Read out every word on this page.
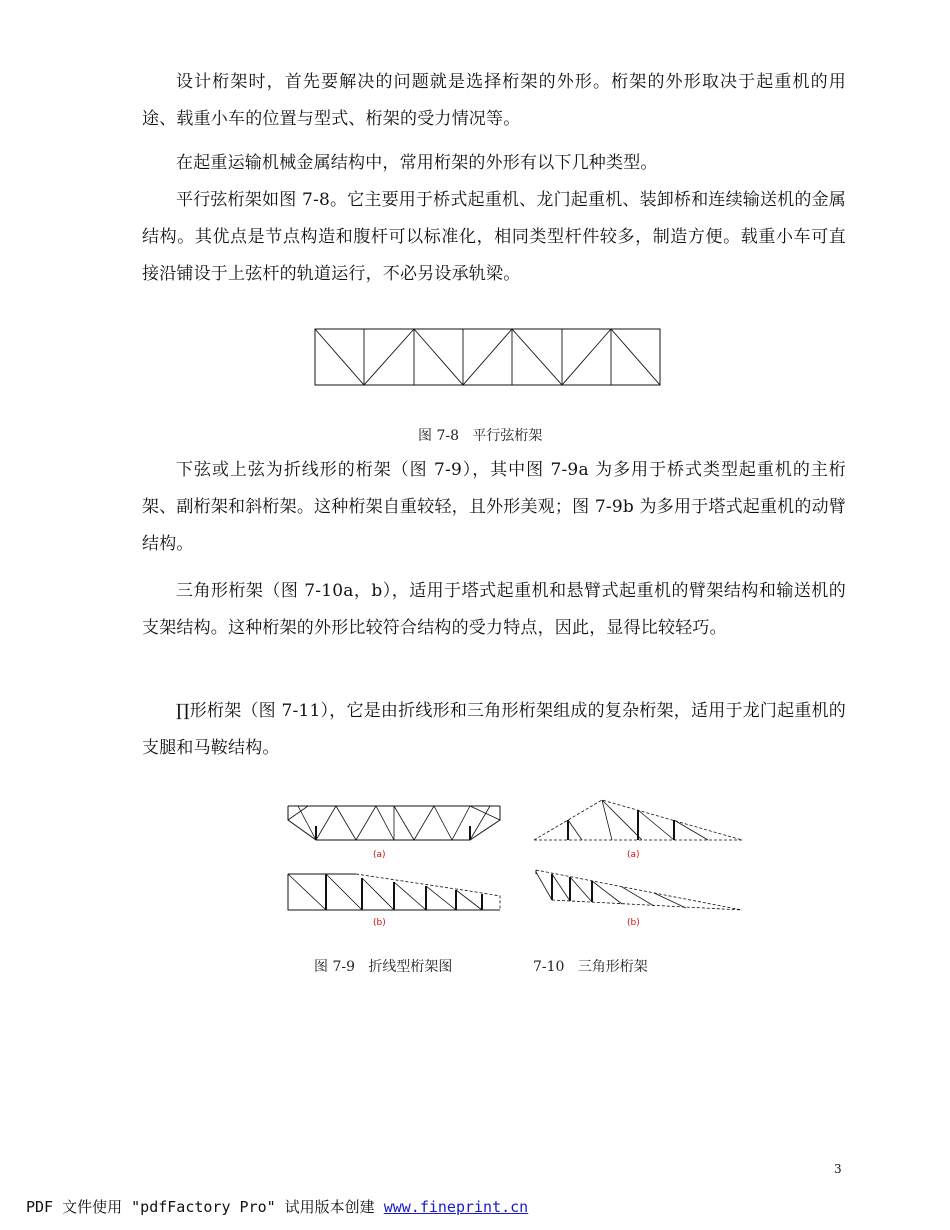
设计桁架时，首先要解决的问题就是选择桁架的外形。桁架的外形取决于起重机的用途、载重小车的位置与型式、桁架的受力情况等。

在起重运输机械金属结构中，常用桁架的外形有以下几种类型。

平行弦桁架如图 7-8。它主要用于桥式起重机、龙门起重机、装卸桥和连续输送机的金属结构。其优点是节点构造和腹杆可以标准化，相同类型杆件较多，制造方便。载重小车可直接沿铺设于上弦杆的轨道运行，不必另设承轨梁。

图 7-8   平行弦桁架

下弦或上弦为折线形的桁架（图 7-9），其中图 7-9a 为多用于桥式类型起重机的主桁架、副桁架和斜桁架。这种桁架自重较轻，且外形美观；图 7-9b 为多用于塔式起重机的动臂结构。

三角形桁架（图 7-10a，b），适用于塔式起重机和悬臂式起重机的臂架结构和输送机的支架结构。这种桁架的外形比较符合结构的受力特点，因此，显得比较轻巧。

∏形桁架（图 7-11），它是由折线形和三角形桁架组成的复杂桁架，适用于龙门起重机的支腿和马鞍结构。

(a)
(b)
(a)
(b)
图 7-9   折线型桁架图	7-10   三角形桁架
3
PDF 文件使用 "pdfFactory Pro" 试用版本创建 www.fineprint.cn
